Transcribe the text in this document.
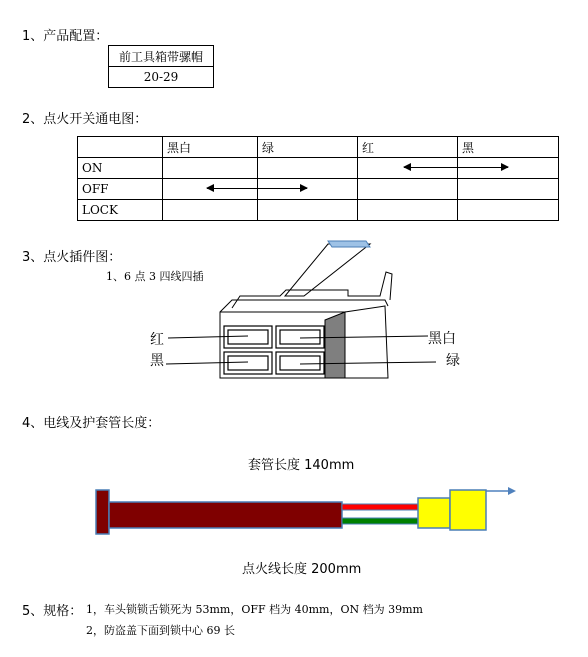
1、产品配置：
前工具箱带骡帽
20-29
2、点火开关通电图：
	黑白	绿	红	黑
ON				
OFF				
LOCK				
3、点火插件图：
1、6 点 3 四线四插
红
黑
黑白
绿
4、电线及护套管长度：
套管长度 140mm
点火线长度 200mm
5、规格： 1，车头锁锁舌锁死为 53mm，OFF 档为 40mm，ON 档为 39mm
2，防盗盖下面到锁中心 69 长
